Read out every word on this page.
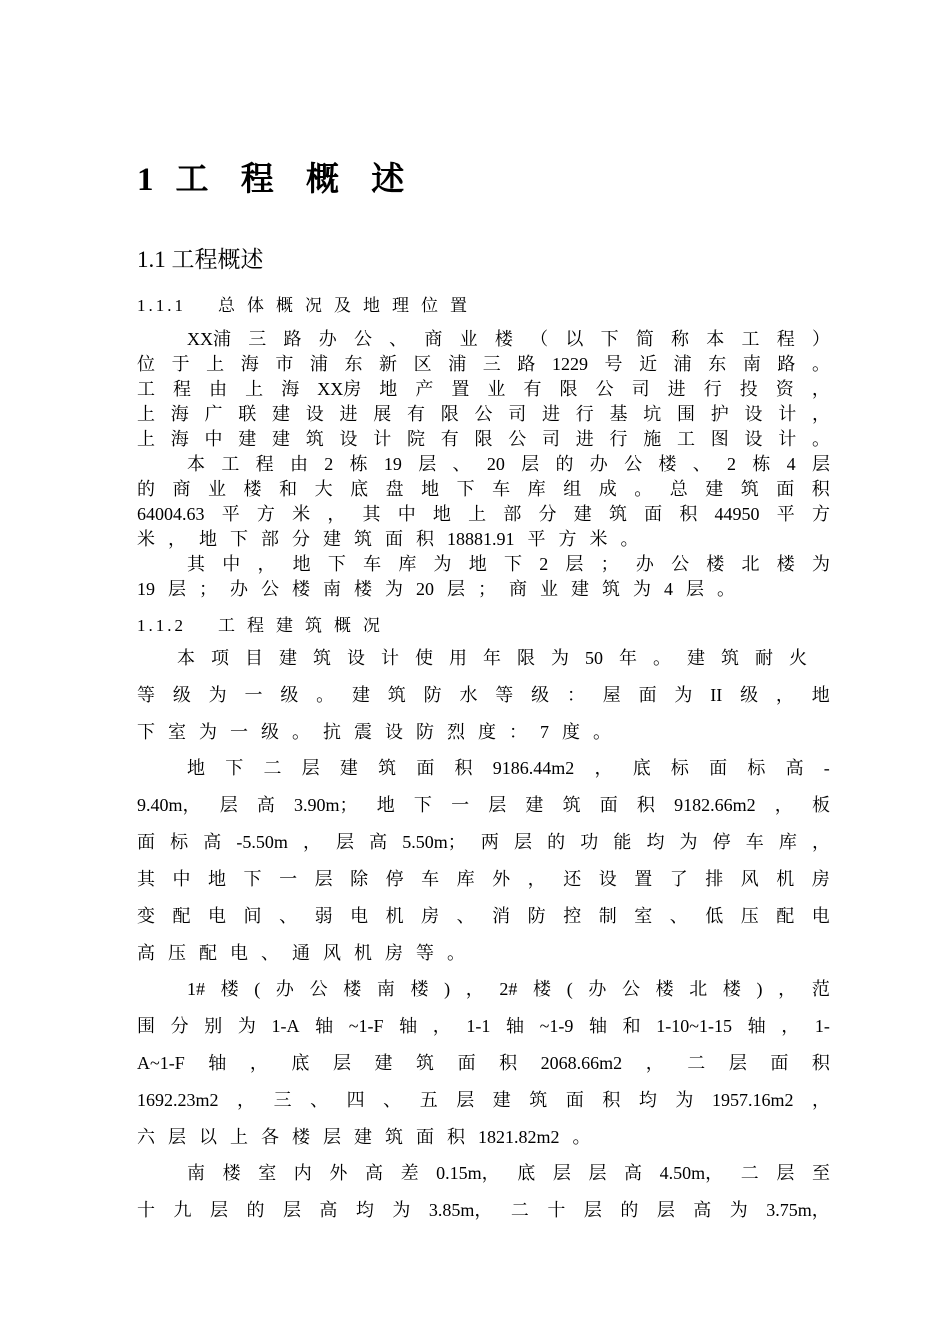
1 工 程 概 述
1.1 工程概述
1.1.1 总体概况及地理位置
XX浦 三 路 办 公 、 商 业 楼 （ 以 下 简 称 本 工 程 ）
位 于 上 海 市 浦 东 新 区 浦 三 路 1229 号 近 浦 东 南 路 。
工 程 由 上 海 XX房 地 产 置 业 有 限 公 司 进 行 投 资 ，
上 海 广 联 建 设 进 展 有 限 公 司 进 行 基 坑 围 护 设 计 ，
上 海 中 建 建 筑 设 计 院 有 限 公 司 进 行 施 工 图 设 计 。
本 工 程 由 2 栋 19 层 、 20 层 的 办 公 楼 、 2 栋 4 层
的 商 业 楼 和 大 底 盘 地 下 车 库 组 成 。 总 建 筑 面 积
64004.63 平 方 米 ， 其 中 地 上 部 分 建 筑 面 积 44950 平 方
米 ， 地 下 部 分 建 筑 面 积 18881.91 平 方 米 。
其 中 ， 地 下 车 库 为 地 下 2 层 ； 办 公 楼 北 楼 为
19 层 ； 办 公 楼 南 楼 为 20 层 ； 商 业 建 筑 为 4 层 。
1.1.2 工程建筑概况
本 项 目 建 筑 设 计 使 用 年 限 为 50 年 。 建 筑 耐 火
等 级 为 一 级 。 建 筑 防 水 等 级 ： 屋 面 为 II 级 ， 地
下 室 为 一 级 。 抗 震 设 防 烈 度 ： 7 度 。
地 下 二 层 建 筑 面 积 9186.44m2 ， 底 标 面 标 高 -
9.40m， 层 高 3.90m； 地 下 一 层 建 筑 面 积 9182.66m2 ， 板
面 标 高 -5.50m ， 层 高 5.50m； 两 层 的 功 能 均 为 停 车 库 ，
其 中 地 下 一 层 除 停 车 库 外 ， 还 设 置 了 排 风 机 房
变 配 电 间 、 弱 电 机 房 、 消 防 控 制 室 、 低 压 配 电
高 压 配 电 、 通 风 机 房 等 。
1# 楼 ( 办 公 楼 南 楼 ) ， 2# 楼 ( 办 公 楼 北 楼 ) ， 范
围 分 别 为 1-A 轴 ~1-F 轴 ， 1-1 轴 ~1-9 轴 和 1-10~1-15 轴 ， 1-
A~1-F 轴 ， 底 层 建 筑 面 积 2068.66m2 ， 二 层 面 积
1692.23m2 ， 三 、 四 、 五 层 建 筑 面 积 均 为 1957.16m2 ，
六 层 以 上 各 楼 层 建 筑 面 积 1821.82m2 。
南 楼 室 内 外 高 差 0.15m， 底 层 层 高 4.50m， 二 层 至
十 九 层 的 层 高 均 为 3.85m， 二 十 层 的 层 高 为 3.75m，
